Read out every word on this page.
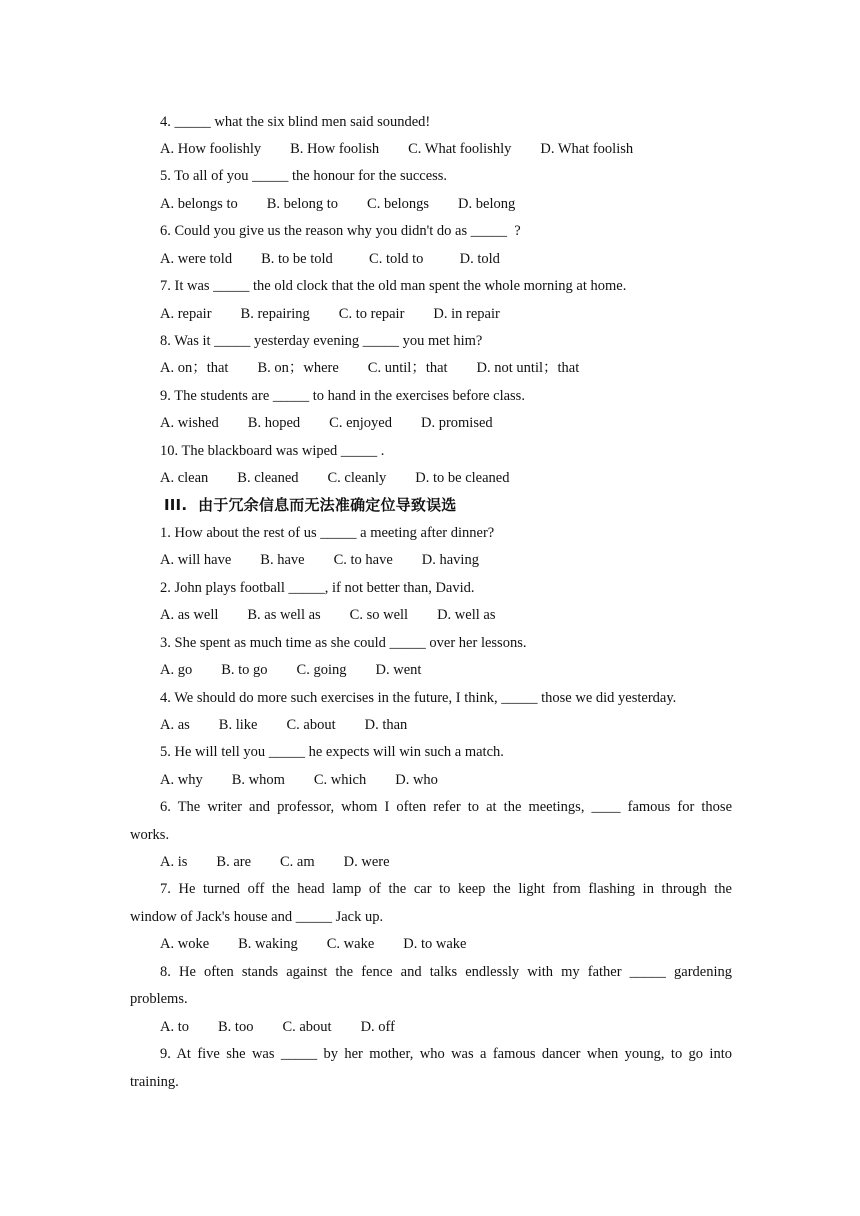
4. _____ what the six blind men said sounded!
A. How foolishly        B. How foolish        C. What foolishly        D. What foolish
5. To all of you _____ the honour for the success.
A. belongs to        B. belong to        C. belongs        D. belong
6. Could you give us the reason why you didn't do as _____  ?
A. were told        B. to be told          C. told to          D. told
7. It was _____ the old clock that the old man spent the whole morning at home.
A. repair        B. repairing        C. to repair        D. in repair
8. Was it _____ yesterday evening _____ you met him?
A. on；that        B. on；where        C. until；that        D. not until；that
9. The students are _____ to hand in the exercises before class.
A. wished        B. hoped        C. enjoyed        D. promised
10. The blackboard was wiped _____ .
A. clean        B. cleaned        C. cleanly        D. to be cleaned
III.  由于冗余信息而无法准确定位导致误选
1. How about the rest of us _____ a meeting after dinner?
A. will have        B. have        C. to have        D. having
2. John plays football _____, if not better than, David.
A. as well        B. as well as        C. so well        D. well as
3. She spent as much time as she could _____ over her lessons.
A. go        B. to go        C. going        D. went
4. We should do more such exercises in the future, I think, _____ those we did yesterday.
A. as        B. like        C. about        D. than
5. He will tell you _____ he expects will win such a match.
A. why        B. whom        C. which        D. who
6. The writer and professor, whom I often refer to at the meetings, ____ famous for those
works.
A. is        B. are        C. am        D. were
7. He turned off the head lamp of the car to keep the light from flashing in through the
window of Jack's house and _____ Jack up.
A. woke        B. waking        C. wake        D. to wake
8. He often stands against the fence and talks endlessly with my father _____ gardening
problems.
A. to        B. too        C. about        D. off
9. At five she was _____ by her mother, who was a famous dancer when young, to go into
training.
